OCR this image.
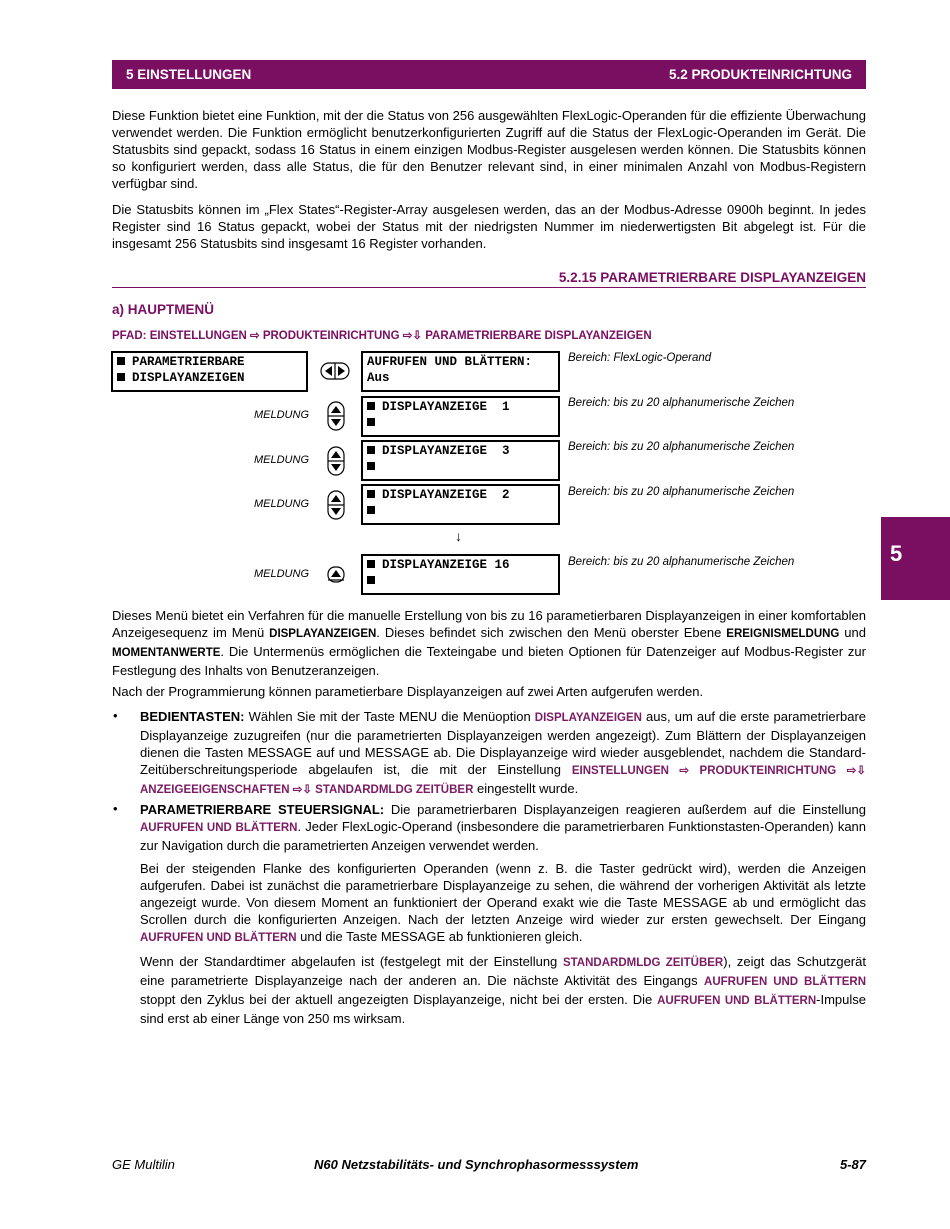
5 EINSTELLUNGEN	5.2 PRODUKTEINRICHTUNG
Diese Funktion bietet eine Funktion, mit der die Status von 256 ausgewählten FlexLogic-Operanden für die effiziente Überwachung verwendet werden. Die Funktion ermöglicht benutzerkonfigurierten Zugriff auf die Status der FlexLogic-Operanden im Gerät. Die Statusbits sind gepackt, sodass 16 Status in einem einzigen Modbus-Register ausgelesen werden können. Die Statusbits können so konfiguriert werden, dass alle Status, die für den Benutzer relevant sind, in einer minimalen Anzahl von Modbus-Registern verfügbar sind.
Die Statusbits können im „Flex States“-Register-Array ausgelesen werden, das an der Modbus-Adresse 0900h beginnt. In jedes Register sind 16 Status gepackt, wobei der Status mit der niedrigsten Nummer im niederwertigsten Bit abgelegt ist. Für die insgesamt 256 Statusbits sind insgesamt 16 Register vorhanden.
5.2.15 PARAMETRIERBARE DISPLAYANZEIGEN
a) HAUPTMENÜ
PFAD: EINSTELLUNGEN ⇨ PRODUKTEINRICHTUNG ⇨⇩ PARAMETRIERBARE DISPLAYANZEIGEN
PARAMETRIERBARE
DISPLAYANZEIGEN
AUFRUFEN UND BLÄTTERN:
Aus
Bereich: FlexLogic-Operand
MELDUNG
DISPLAYANZEIGE  1	Bereich: bis zu 20 alphanumerische Zeichen
MELDUNG
DISPLAYANZEIGE  3	Bereich: bis zu 20 alphanumerische Zeichen
MELDUNG
DISPLAYANZEIGE  2	Bereich: bis zu 20 alphanumerische Zeichen
↓
MELDUNG
DISPLAYANZEIGE 16	Bereich: bis zu 20 alphanumerische Zeichen	5
Dieses Menü bietet ein Verfahren für die manuelle Erstellung von bis zu 16 parametierbaren Displayanzeigen in einer komfortablen Anzeigesequenz im Menü DISPLAYANZEIGEN. Dieses befindet sich zwischen den Menü oberster Ebene EREIGNISMELDUNG und MOMENTANWERTE. Die Untermenüs ermöglichen die Texteingabe und bieten Optionen für Datenzeiger auf Modbus-Register zur Festlegung des Inhalts von Benutzeranzeigen.
Nach der Programmierung können parametierbare Displayanzeigen auf zwei Arten aufgerufen werden.
• BEDIENTASTEN: Wählen Sie mit der Taste MENU die Menüoption DISPLAYANZEIGEN aus, um auf die erste parametrierbare Displayanzeige zuzugreifen (nur die parametrierten Displayanzeigen werden angezeigt). Zum Blättern der Displayanzeigen dienen die Tasten MESSAGE auf und MESSAGE ab. Die Displayanzeige wird wieder ausgeblendet, nachdem die Standard-Zeitüberschreitungsperiode abgelaufen ist, die mit der Einstellung EINSTELLUNGEN ⇨ PRODUKTEINRICHTUNG ⇨⇩ ANZEIGEEIGENSCHAFTEN ⇨⇩ STANDARDMLDG ZEITÜBER eingestellt wurde.
• PARAMETRIERBARE STEUERSIGNAL: Die parametrierbaren Displayanzeigen reagieren außerdem auf die Einstellung AUFRUFEN UND BLÄTTERN. Jeder FlexLogic-Operand (insbesondere die parametrierbaren Funktionstasten-Operanden) kann zur Navigation durch die parametrierten Anzeigen verwendet werden.
Bei der steigenden Flanke des konfigurierten Operanden (wenn z. B. die Taster gedrückt wird), werden die Anzeigen aufgerufen. Dabei ist zunächst die parametrierbare Displayanzeige zu sehen, die während der vorherigen Aktivität als letzte angezeigt wurde. Von diesem Moment an funktioniert der Operand exakt wie die Taste MESSAGE ab und ermöglicht das Scrollen durch die konfigurierten Anzeigen. Nach der letzten Anzeige wird wieder zur ersten gewechselt. Der Eingang AUFRUFEN UND BLÄTTERN und die Taste MESSAGE ab funktionieren gleich.
Wenn der Standardtimer abgelaufen ist (festgelegt mit der Einstellung STANDARDMLDG ZEITÜBER), zeigt das Schutzgerät eine parametrierte Displayanzeige nach der anderen an. Die nächste Aktivität des Eingangs AUFRUFEN UND BLÄTTERN stoppt den Zyklus bei der aktuell angezeigten Displayanzeige, nicht bei der ersten. Die AUFRUFEN UND BLÄTTERN-Impulse sind erst ab einer Länge von 250 ms wirksam.
GE Multilin	N60 Netzstabilitäts- und Synchrophasormesssystem	5-87
